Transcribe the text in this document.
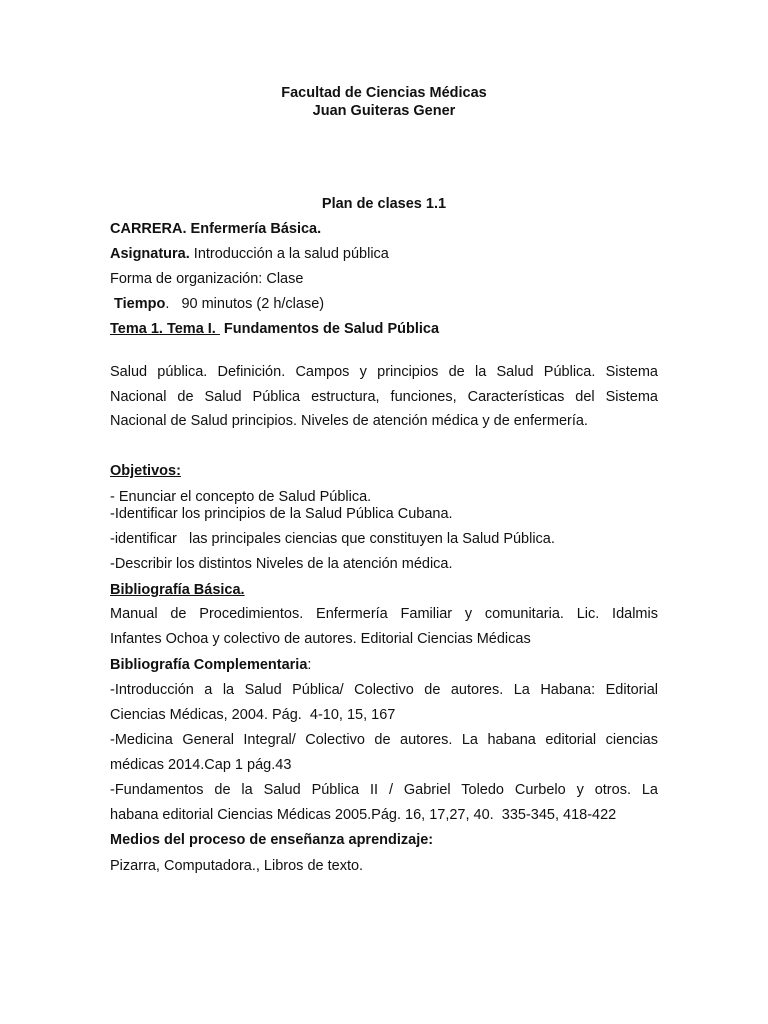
Facultad de Ciencias Médicas
Juan Guiteras Gener
Plan de clases 1.1
CARRERA. Enfermería Básica.
Asignatura. Introducción a la salud pública
Forma de organización: Clase
Tiempo.   90 minutos (2 h/clase)
Tema 1. Tema I.  Fundamentos de Salud Pública
Salud pública. Definición. Campos y principios de la Salud Pública. Sistema
Nacional de Salud Pública estructura, funciones, Características del Sistema
Nacional de Salud principios. Niveles de atención médica y de enfermería.
Objetivos:
- Enunciar el concepto de Salud Pública.
-Identificar los principios de la Salud Pública Cubana.
-identificar   las principales ciencias que constituyen la Salud Pública.
-Describir los distintos Niveles de la atención médica.
Bibliografía Básica.
Manual de Procedimientos. Enfermería Familiar y comunitaria. Lic. Idalmis
Infantes Ochoa y colectivo de autores. Editorial Ciencias Médicas
Bibliografía Complementaria:
-Introducción a la Salud Pública/ Colectivo de autores. La Habana: Editorial
Ciencias Médicas, 2004. Pág.  4-10, 15, 167
-Medicina General Integral/ Colectivo de autores. La habana editorial ciencias
médicas 2014.Cap 1 pág.43
-Fundamentos de la Salud Pública II / Gabriel Toledo Curbelo y otros. La
habana editorial Ciencias Médicas 2005.Pág. 16, 17,27, 40.  335-345, 418-422
Medios del proceso de enseñanza aprendizaje:
Pizarra, Computadora., Libros de texto.
